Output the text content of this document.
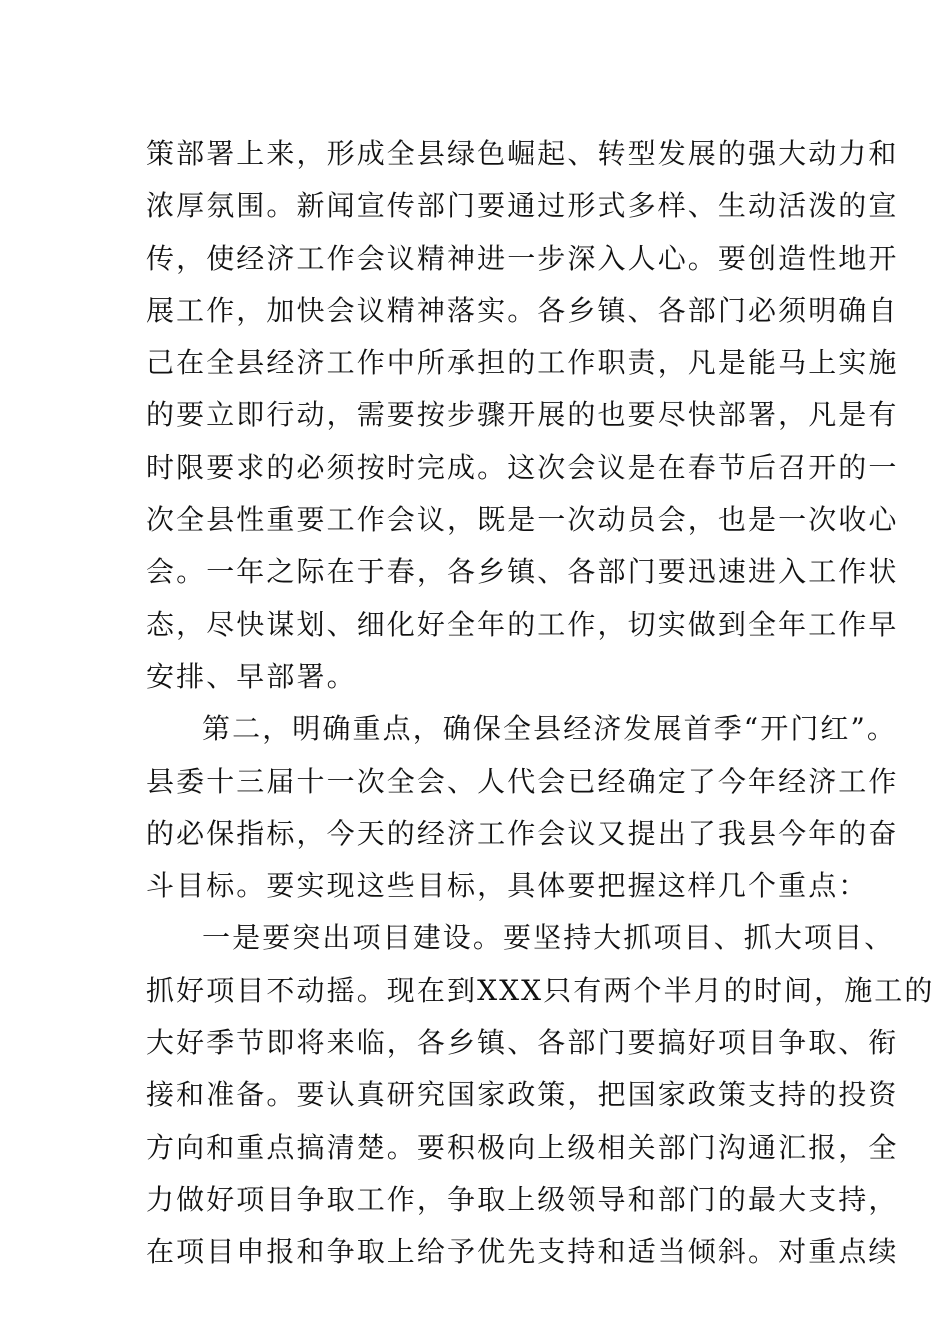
策部署上来，形成全县绿色崛起、转型发展的强大动力和
浓厚氛围。新闻宣传部门要通过形式多样、生动活泼的宣
传，使经济工作会议精神进一步深入人心。要创造性地开
展工作，加快会议精神落实。各乡镇、各部门必须明确自
己在全县经济工作中所承担的工作职责，凡是能马上实施
的要立即行动，需要按步骤开展的也要尽快部署，凡是有
时限要求的必须按时完成。这次会议是在春节后召开的一
次全县性重要工作会议，既是一次动员会，也是一次收心
会。一年之际在于春，各乡镇、各部门要迅速进入工作状
态，尽快谋划、细化好全年的工作，切实做到全年工作早
安排、早部署。
第二，明确重点，确保全县经济发展首季“开门红”。
县委十三届十一次全会、人代会已经确定了今年经济工作
的必保指标，今天的经济工作会议又提出了我县今年的奋
斗目标。要实现这些目标，具体要把握这样几个重点：
一是要突出项目建设。要坚持大抓项目、抓大项目、
抓好项目不动摇。现在到XXX只有两个半月的时间，施工的
大好季节即将来临，各乡镇、各部门要搞好项目争取、衔
接和准备。要认真研究国家政策，把国家政策支持的投资
方向和重点搞清楚。要积极向上级相关部门沟通汇报，全
力做好项目争取工作，争取上级领导和部门的最大支持，
在项目申报和争取上给予优先支持和适当倾斜。对重点续
